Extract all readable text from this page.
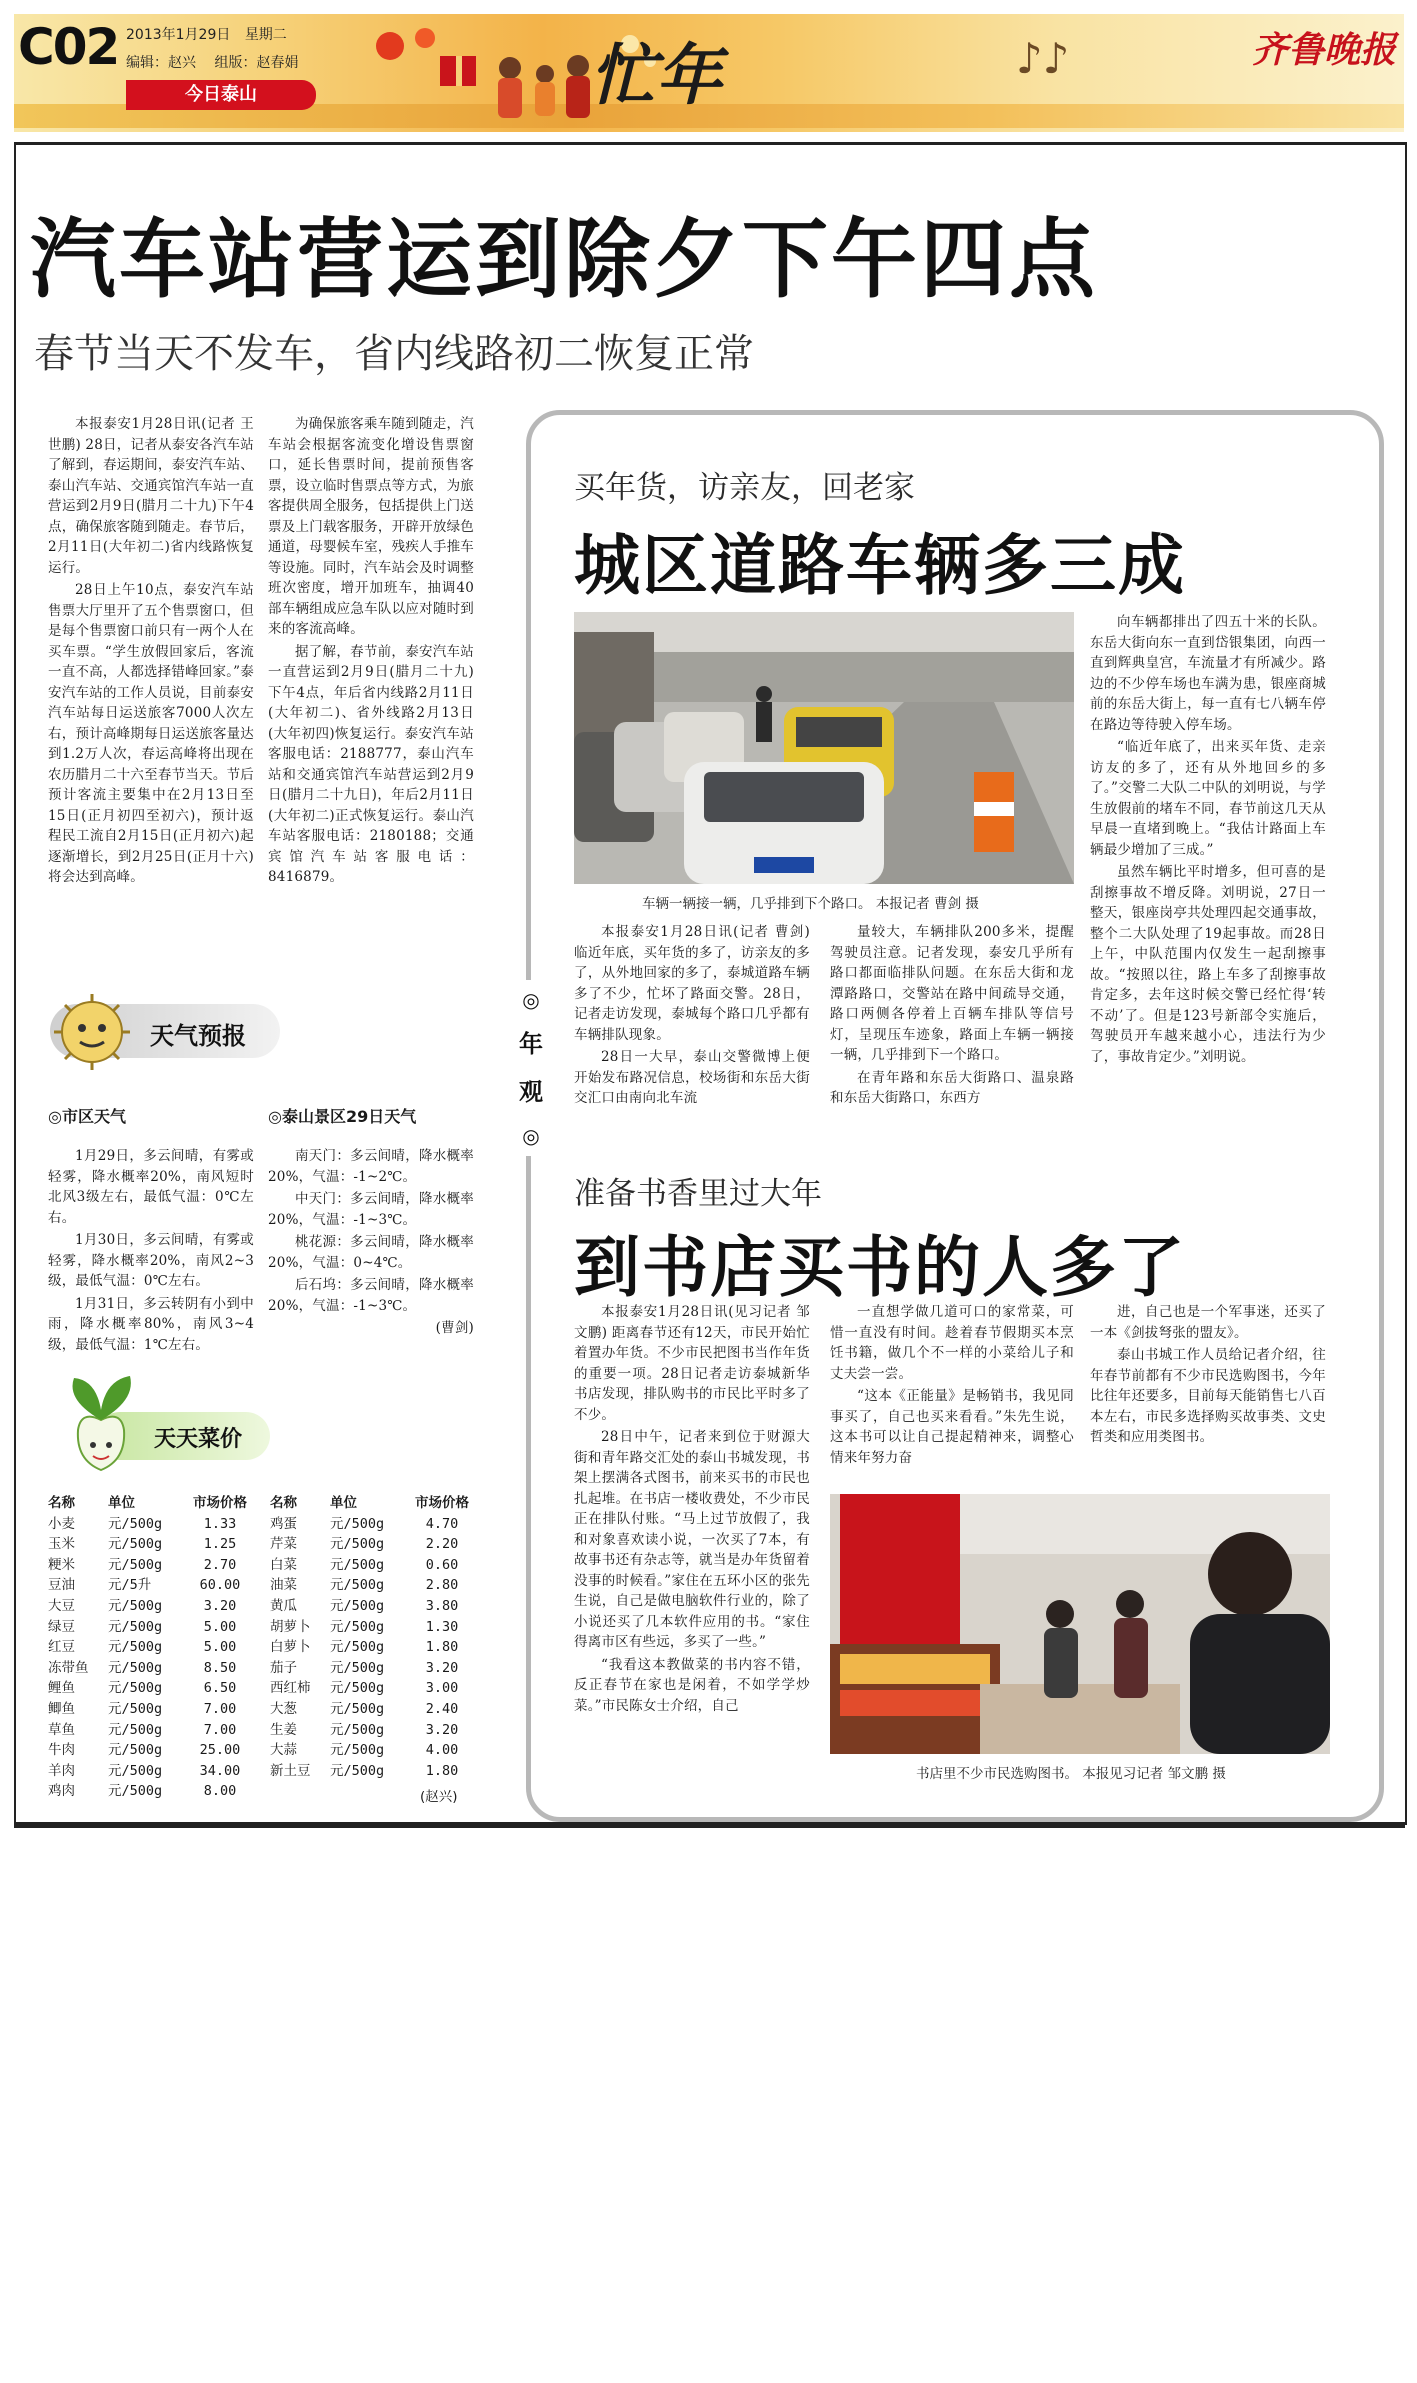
C02 2013年1月29日 星期二
编辑：赵兴 组版：赵春娟
今日泰山	忙年	♪♪	齐鲁晚报
汽车站营运到除夕下午四点
春节当天不发车，省内线路初二恢复正常

本报泰安1月28日讯(记者 王世鹏) 28日，记者从泰安各汽车站了解到，春运期间，泰安汽车站、泰山汽车站、交通宾馆汽车站一直营运到2月9日(腊月二十九)下午4点，确保旅客随到随走。春节后，2月11日(大年初二)省内线路恢复运行。

28日上午10点，泰安汽车站售票大厅里开了五个售票窗口，但是每个售票窗口前只有一两个人在买车票。“学生放假回家后，客流一直不高，人都选择错峰回家。”泰安汽车站的工作人员说，目前泰安汽车站每日运送旅客7000人次左右，预计高峰期每日运送旅客量达到1.2万人次，春运高峰将出现在农历腊月二十六至春节当天。节后预计客流主要集中在2月13日至15日(正月初四至初六)，预计返程民工流自2月15日(正月初六)起逐渐增长，到2月25日(正月十六)将会达到高峰。

为确保旅客乘车随到随走，汽车站会根据客流变化增设售票窗口，延长售票时间，提前预售客票，设立临时售票点等方式，为旅客提供周全服务，包括提供上门送票及上门载客服务，开辟开放绿色通道，母婴候车室，残疾人手推车等设施。同时，汽车站会及时调整班次密度，增开加班车，抽调40部车辆组成应急车队以应对随时到来的客流高峰。

据了解，春节前，泰安汽车站一直营运到2月9日(腊月二十九)下午4点，年后省内线路2月11日(大年初二)、省外线路2月13日(大年初四)恢复运行。泰安汽车站客服电话：2188777，泰山汽车站和交通宾馆汽车站营运到2月9日(腊月二十九日)，年后2月11日(大年初二)正式恢复运行。泰山汽车站客服电话：2180188；交通宾馆汽车站客服电话：8416879。

天气预报
◎市区天气	◎泰山景区29日天气

1月29日，多云间晴，有雾或轻雾，降水概率20%，南风短时北风3级左右，最低气温：0℃左右。

1月30日，多云间晴，有雾或轻雾，降水概率20%，南风2~3级，最低气温：0℃左右。

1月31日，多云转阴有小到中雨，降水概率80%，南风3~4级，最低气温：1℃左右。

南天门：多云间晴，降水概率20%，气温：-1~2℃。

中天门：多云间晴，降水概率20%，气温：-1~3℃。

桃花源：多云间晴，降水概率20%，气温：0~4℃。

后石坞：多云间晴，降水概率20%，气温：-1~3℃。

(曹剑)
天天菜价
名称	单位	市场价格
小麦	元/500g	1.33
玉米	元/500g	1.25
粳米	元/500g	2.70
豆油	元/5升	60.00
大豆	元/500g	3.20
绿豆	元/500g	5.00
红豆	元/500g	5.00
冻带鱼	元/500g	8.50
鲤鱼	元/500g	6.50
鲫鱼	元/500g	7.00
草鱼	元/500g	7.00
牛肉	元/500g	25.00
羊肉	元/500g	34.00
鸡肉	元/500g	8.00
名称	单位	市场价格
鸡蛋	元/500g	4.70
芹菜	元/500g	2.20
白菜	元/500g	0.60
油菜	元/500g	2.80
黄瓜	元/500g	3.80
胡萝卜	元/500g	1.30
白萝卜	元/500g	1.80
茄子	元/500g	3.20
西红柿	元/500g	3.00
大葱	元/500g	2.40
生姜	元/500g	3.20
大蒜	元/500g	4.00
新土豆	元/500g	1.80
(赵兴)
◎
年观
◎
买年货，访亲友，回老家
城区道路车辆多三成
车辆一辆接一辆，几乎排到下个路口。 本报记者 曹剑 摄

向车辆都排出了四五十米的长队。东岳大街向东一直到岱银集团，向西一直到辉典皇宫，车流量才有所减少。路边的不少停车场也车满为患，银座商城前的东岳大街上，每一直有七八辆车停在路边等待驶入停车场。

“临近年底了，出来买年货、走亲访友的多了，还有从外地回乡的多了。”交警二大队二中队的刘明说，与学生放假前的堵车不同，春节前这几天从早晨一直堵到晚上。“我估计路面上车辆最少增加了三成。”

虽然车辆比平时增多，但可喜的是刮擦事故不增反降。刘明说，27日一整天，银座岗亭共处理四起交通事故，整个二大队处理了19起事故。而28日上午，中队范围内仅发生一起刮擦事故。“按照以往，路上车多了刮擦事故肯定多，去年这时候交警已经忙得‘转不动’了。但是123号新部令实施后，驾驶员开车越来越小心，违法行为少了，事故肯定少。”刘明说。

本报泰安1月28日讯(记者 曹剑) 临近年底，买年货的多了，访亲友的多了，从外地回家的多了，泰城道路车辆多了不少，忙坏了路面交警。28日，记者走访发现，泰城每个路口几乎都有车辆排队现象。

28日一大早，泰山交警微博上便开始发布路况信息，校场街和东岳大街交汇口由南向北车流

量较大，车辆排队200多米，提醒驾驶员注意。记者发现，泰安几乎所有路口都面临排队问题。在东岳大街和龙潭路路口，交警站在路中间疏导交通，路口两侧各停着上百辆车排队等信号灯，呈现压车迹象，路面上车辆一辆接一辆，几乎排到下一个路口。

在青年路和东岳大街路口、温泉路和东岳大街路口，东西方

准备书香里过大年
到书店买书的人多了

本报泰安1月28日讯(见习记者 邹文鹏) 距离春节还有12天，市民开始忙着置办年货。不少市民把图书当作年货的重要一项。28日记者走访泰城新华书店发现，排队购书的市民比平时多了不少。

28日中午，记者来到位于财源大街和青年路交汇处的泰山书城发现，书架上摆满各式图书，前来买书的市民也扎起堆。在书店一楼收费处，不少市民正在排队付账。“马上过节放假了，我和对象喜欢读小说，一次买了7本，有故事书还有杂志等，就当是办年货留着没事的时候看。”家住在五环小区的张先生说，自己是做电脑软件行业的，除了小说还买了几本软件应用的书。“家住得离市区有些远，多买了一些。”

“我看这本教做菜的书内容不错，反正春节在家也是闲着，不如学学炒菜。”市民陈女士介绍，自己

一直想学做几道可口的家常菜，可惜一直没有时间。趁着春节假期买本烹饪书籍，做几个不一样的小菜给儿子和丈夫尝一尝。

“这本《正能量》是畅销书，我见同事买了，自己也买来看看。”朱先生说，这本书可以让自己提起精神来，调整心情来年努力奋

进，自己也是一个军事迷，还买了一本《剑拔弩张的盟友》。

泰山书城工作人员给记者介绍，往年春节前都有不少市民选购图书，今年比往年还要多，目前每天能销售七八百本左右，市民多选择购买故事类、文史哲类和应用类图书。

书店里不少市民选购图书。 本报见习记者 邹文鹏 摄
